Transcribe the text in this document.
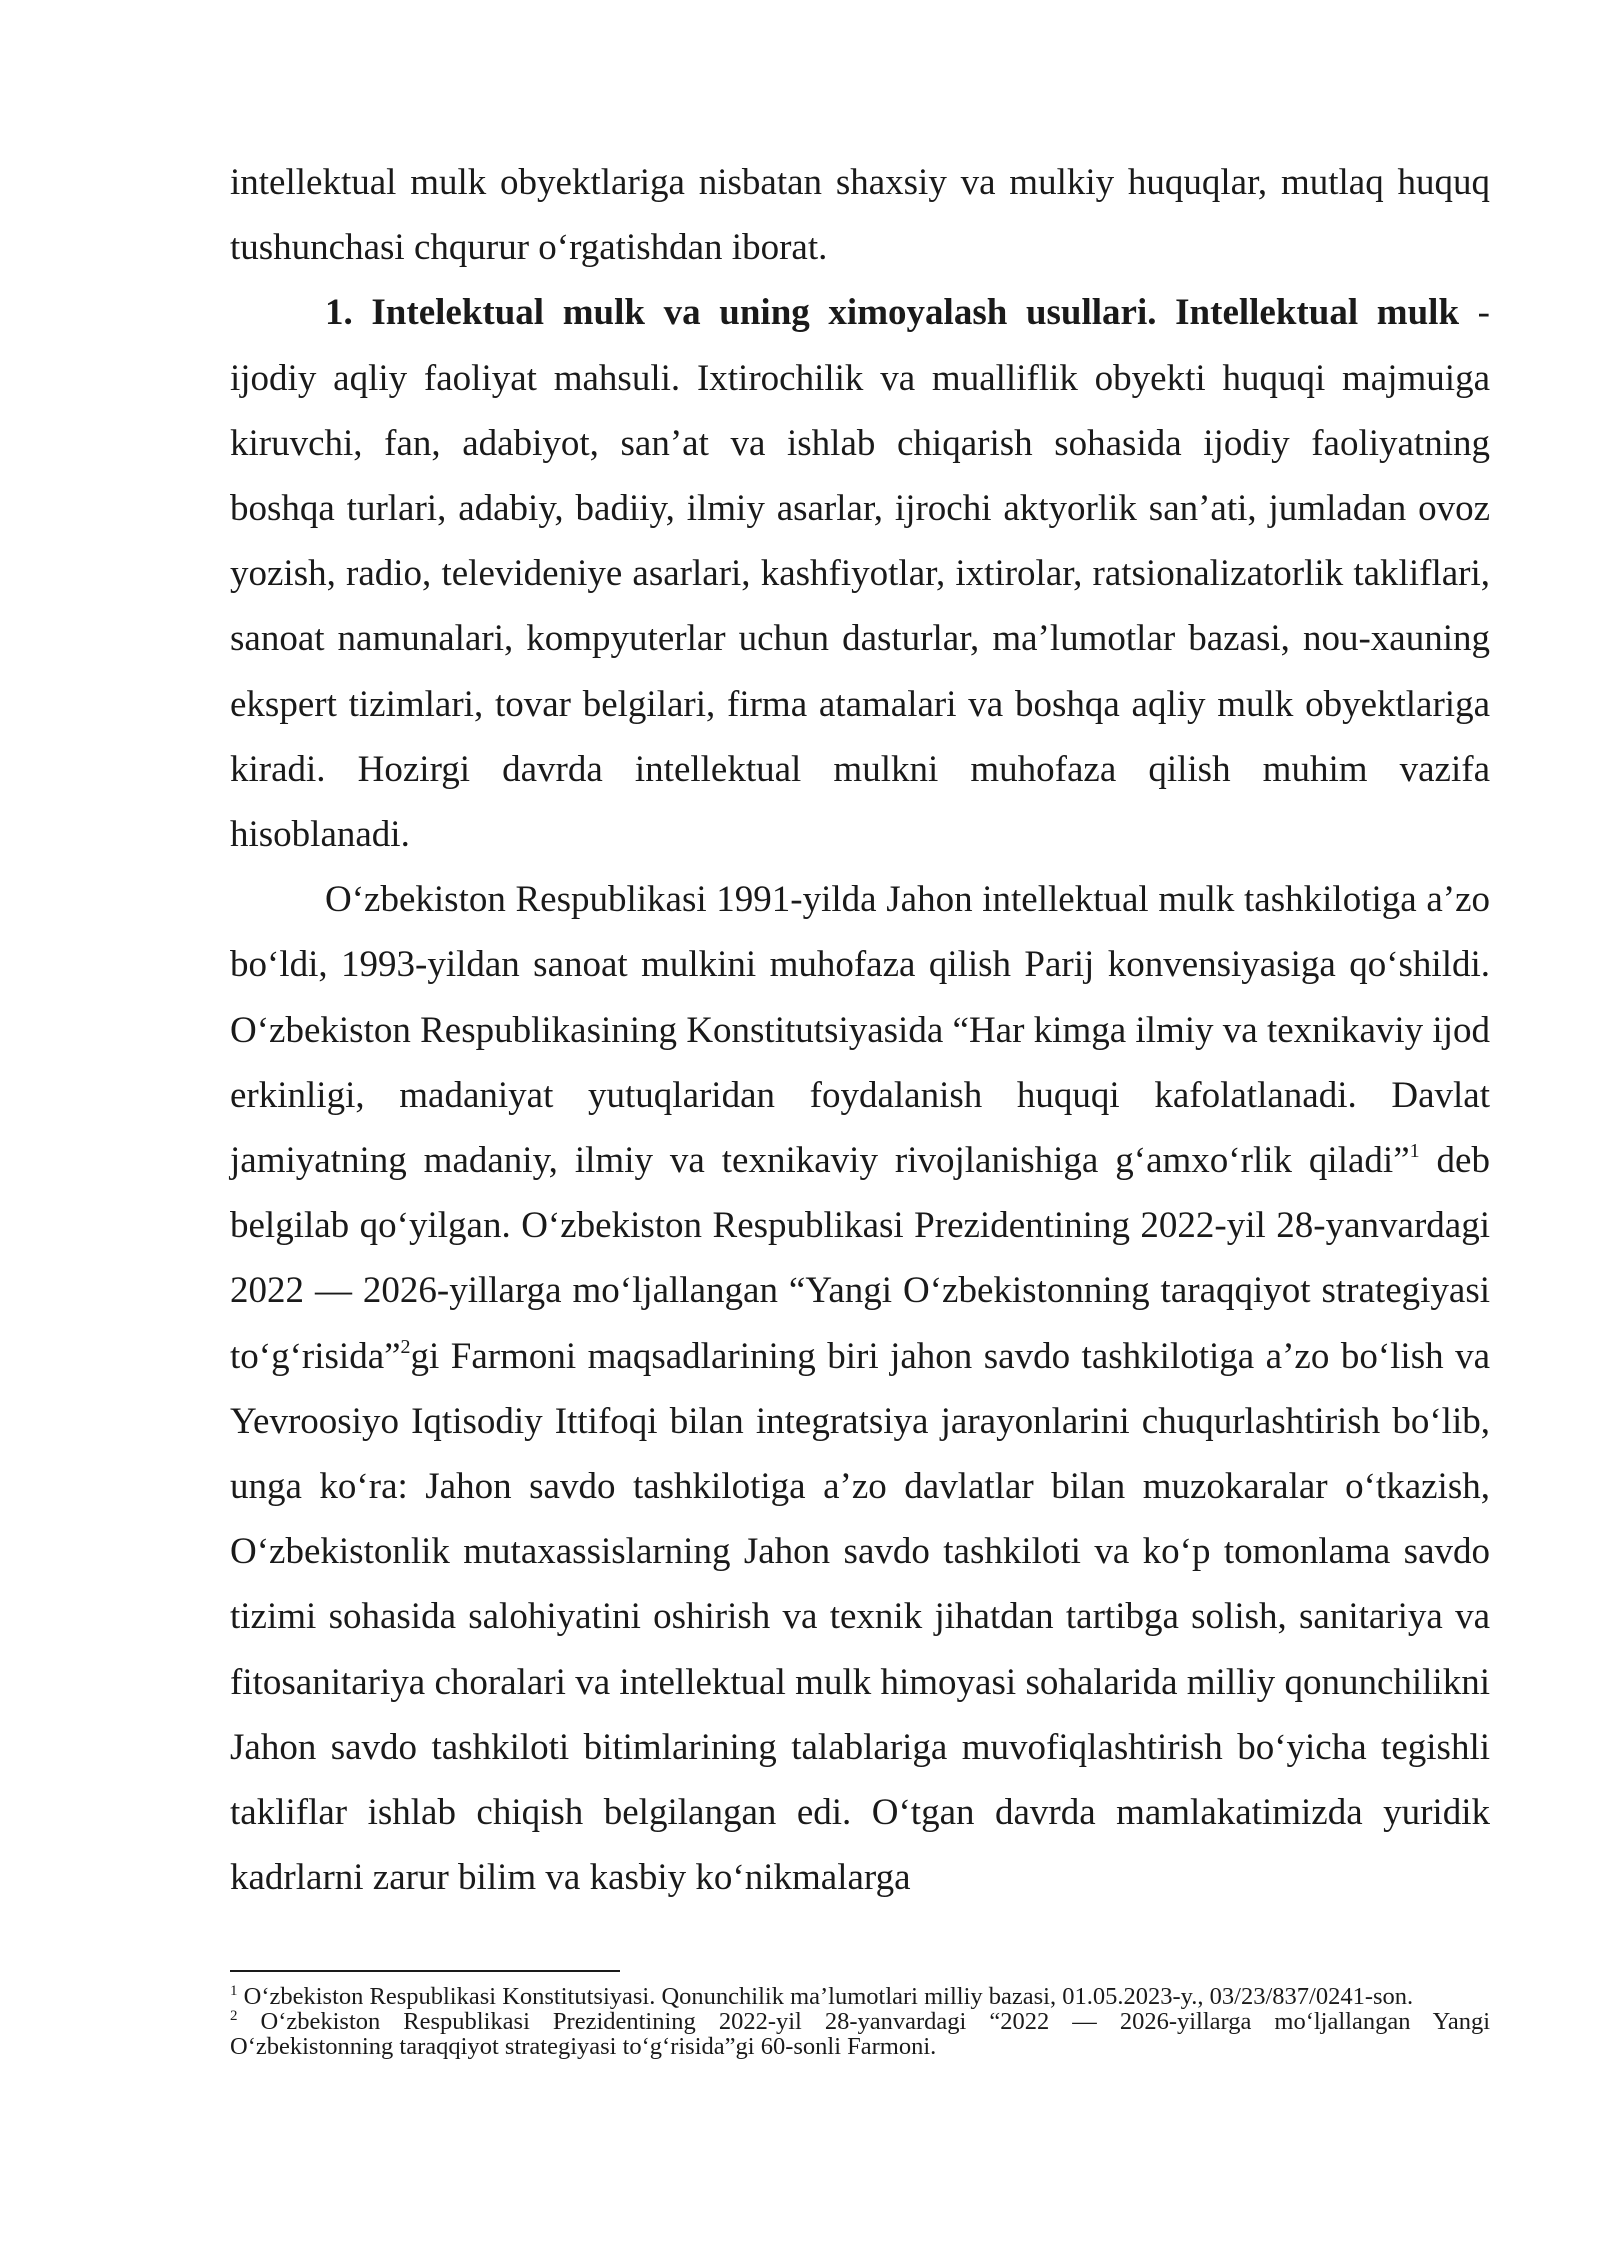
intellektual mulk obyektlariga nisbatan shaxsiy va mulkiy huquqlar, mutlaq huquq tushunchasi chqurur oʻrgatishdan iborat.

1. Intelektual mulk va uning ximoyalash usullari. Intellektual mulk - ijodiy aqliy faoliyat mahsuli. Ixtirochilik va mualliflik obyekti huquqi majmuiga kiruvchi, fan, adabiyot, san’at va ishlab chiqarish sohasida ijodiy faoliyatning boshqa turlari, adabiy, badiiy, ilmiy asarlar, ijrochi aktyorlik san’ati, jumladan ovoz yozish, radio, televideniye asarlari, kashfiyotlar, ixtirolar, ratsionalizatorlik takliflari, sanoat namunalari, kompyuterlar uchun dasturlar, ma’lumotlar bazasi, nou-xauning ekspert tizimlari, tovar belgilari, firma atamalari va boshqa aqliy mulk obyektlariga kiradi. Hozirgi davrda intellektual mulkni muhofaza qilish muhim vazifa hisoblanadi.

Oʻzbekiston Respublikasi 1991-yilda Jahon intellektual mulk tashkilotiga a’zo boʻldi, 1993-yildan sanoat mulkini muhofaza qilish Parij konvensiyasiga qoʻshildi. Oʻzbekiston Respublikasining Konstitutsiyasida “Har kimga ilmiy va texnikaviy ijod erkinligi, madaniyat yutuqlaridan foydalanish huquqi kafolatlanadi. Davlat jamiyatning madaniy, ilmiy va texnikaviy rivojlanishiga gʻamxoʻrlik qiladi”$^1$ deb belgilab qoʻyilgan. Oʻzbekiston Respublikasi Prezidentining 2022-yil 28-yanvardagi 2022 — 2026-yillarga moʻljallangan “Yangi Oʻzbekistonning taraqqiyot strategiyasi toʻgʻrisida”$^2$gi Farmoni maqsadlarining biri jahon savdo tashkilotiga a’zo boʻlish va Yevroosiyo Iqtisodiy Ittifoqi bilan integratsiya jarayonlarini chuqurlashtirish boʻlib, unga koʻra: Jahon savdo tashkilotiga a’zo davlatlar bilan muzokaralar oʻtkazish, Oʻzbekistonlik mutaxassislarning Jahon savdo tashkiloti va koʻp tomonlama savdo tizimi sohasida salohiyatini oshirish va texnik jihatdan tartibga solish, sanitariya va fitosanitariya choralari va intellektual mulk himoyasi sohalarida milliy qonunchilikni Jahon savdo tashkiloti bitimlarining talablariga muvofiqlashtirish boʻyicha tegishli takliflar ishlab chiqish belgilangan edi. Oʻtgan davrda mamlakatimizda yuridik kadrlarni zarur bilim va kasbiy koʻnikmalarga

$^1$ Oʻzbekiston Respublikasi Konstitutsiyasi. Qonunchilik ma’lumotlari milliy bazasi, 01.05.2023-y., 03/23/837/0241-son.

$^2$ Oʻzbekiston Respublikasi Prezidentining 2022-yil 28-yanvardagi “2022 — 2026-yillarga moʻljallangan Yangi Oʻzbekistonning taraqqiyot strategiyasi toʻgʻrisida”gi 60-sonli Farmoni.
